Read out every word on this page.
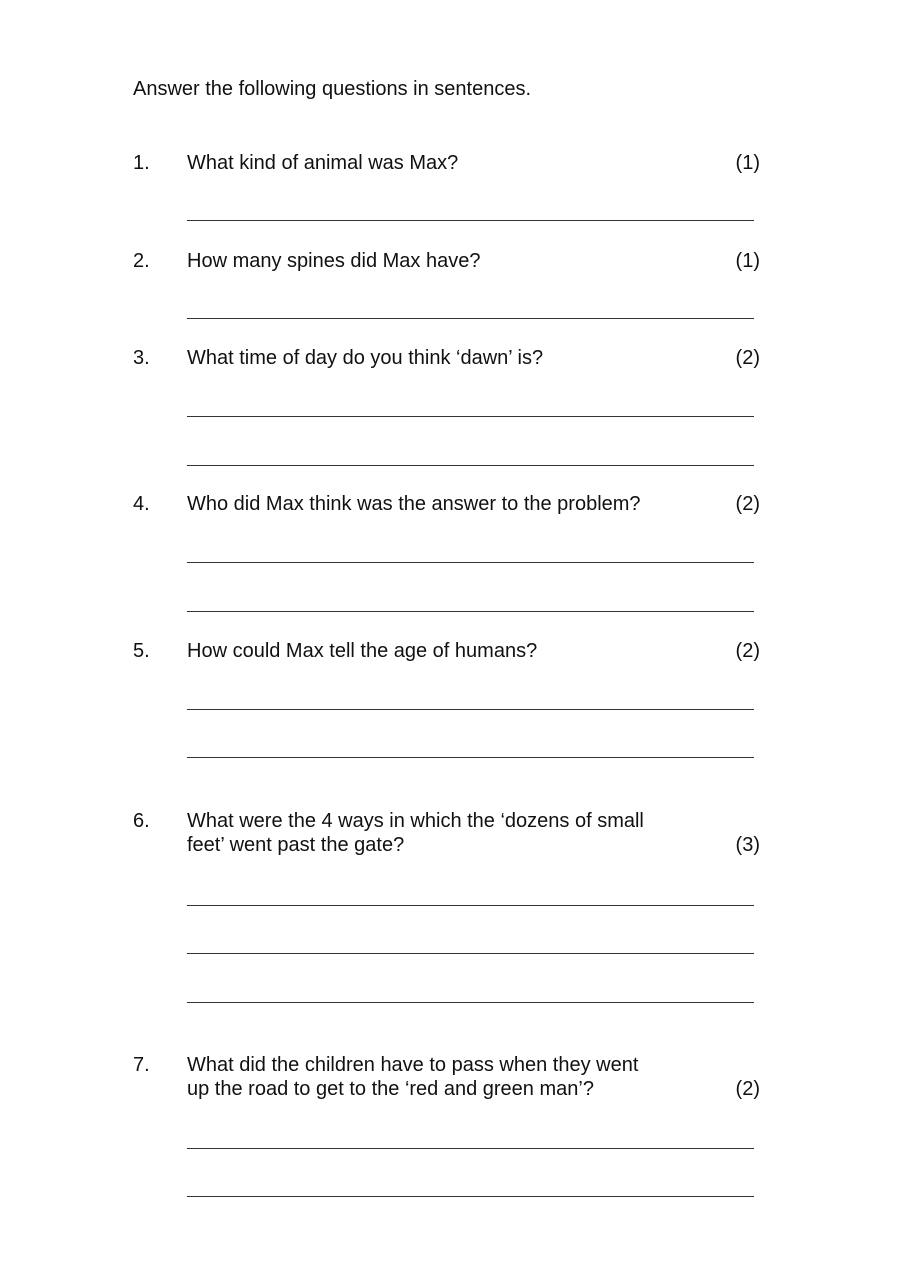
Answer the following questions in sentences.
1. What kind of animal was Max?	(1)
2. How many spines did Max have?	(1)
3. What time of day do you think ‘dawn’ is?	(2)
4. Who did Max think was the answer to the problem?	(2)
5. How could Max tell the age of humans?	(2)
6. What were the 4 ways in which the ‘dozens of small
feet’ went past the gate?	(3)
7. What did the children have to pass when they went
up the road to get to the ‘red and green man’?	(2)
